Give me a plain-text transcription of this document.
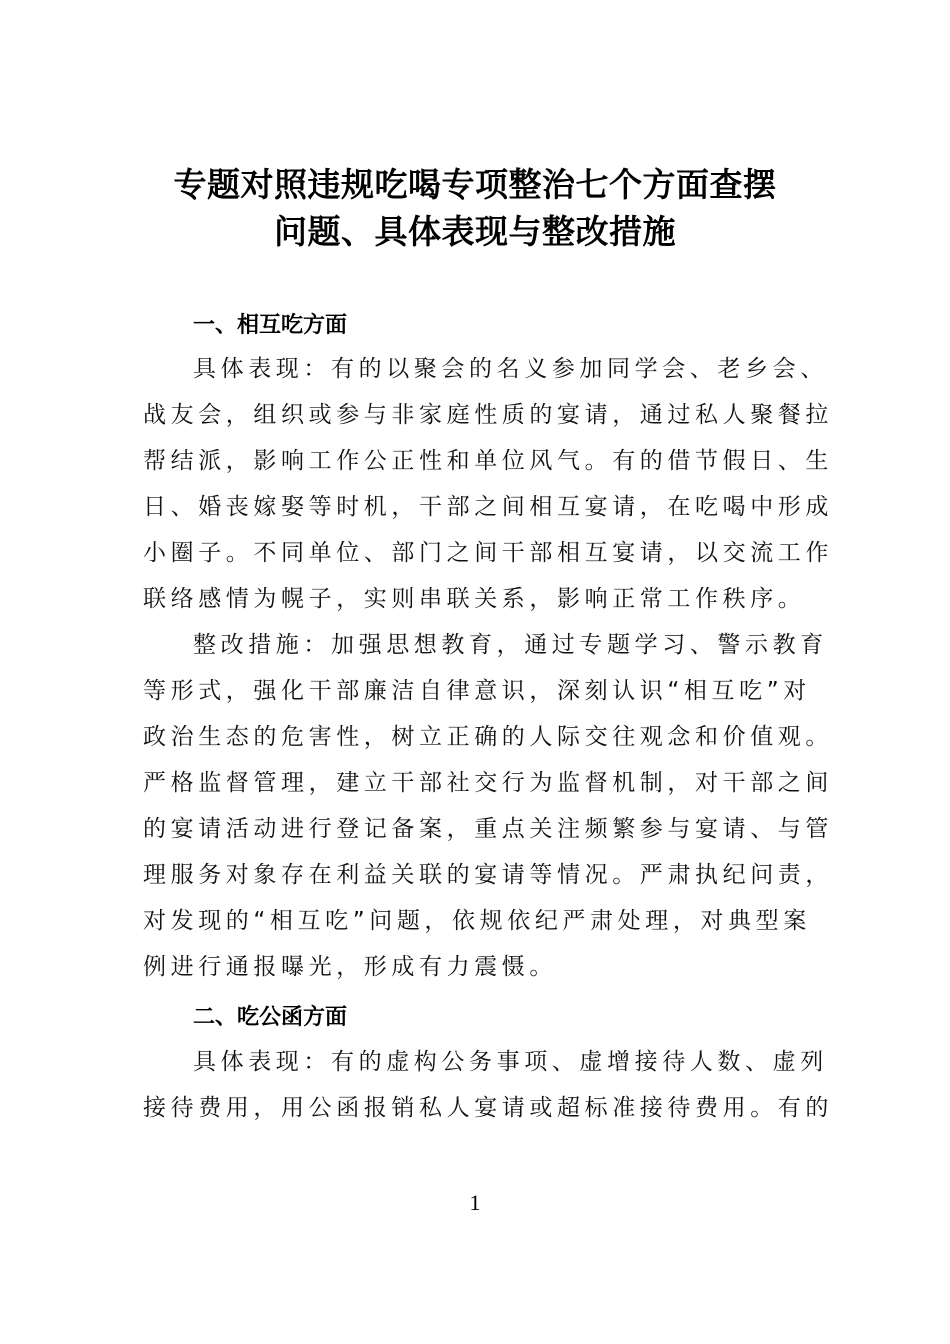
专题对照违规吃喝专项整治七个方面查摆
问题、具体表现与整改措施
一、相互吃方面
具体表现：有的以聚会的名义参加同学会、老乡会、
战友会，组织或参与非家庭性质的宴请，通过私人聚餐拉
帮结派，影响工作公正性和单位风气。有的借节假日、生
日、婚丧嫁娶等时机，干部之间相互宴请，在吃喝中形成
小圈子。不同单位、部门之间干部相互宴请，以交流工作
联络感情为幌子，实则串联关系，影响正常工作秩序。
整改措施：加强思想教育，通过专题学习、警示教育
等形式，强化干部廉洁自律意识，深刻认识“相互吃”对
政治生态的危害性，树立正确的人际交往观念和价值观。
严格监督管理，建立干部社交行为监督机制，对干部之间
的宴请活动进行登记备案，重点关注频繁参与宴请、与管
理服务对象存在利益关联的宴请等情况。严肃执纪问责，
对发现的“相互吃”问题，依规依纪严肃处理，对典型案
例进行通报曝光，形成有力震慑。
二、吃公函方面
具体表现：有的虚构公务事项、虚增接待人数、虚列
接待费用，用公函报销私人宴请或超标准接待费用。有的
1
